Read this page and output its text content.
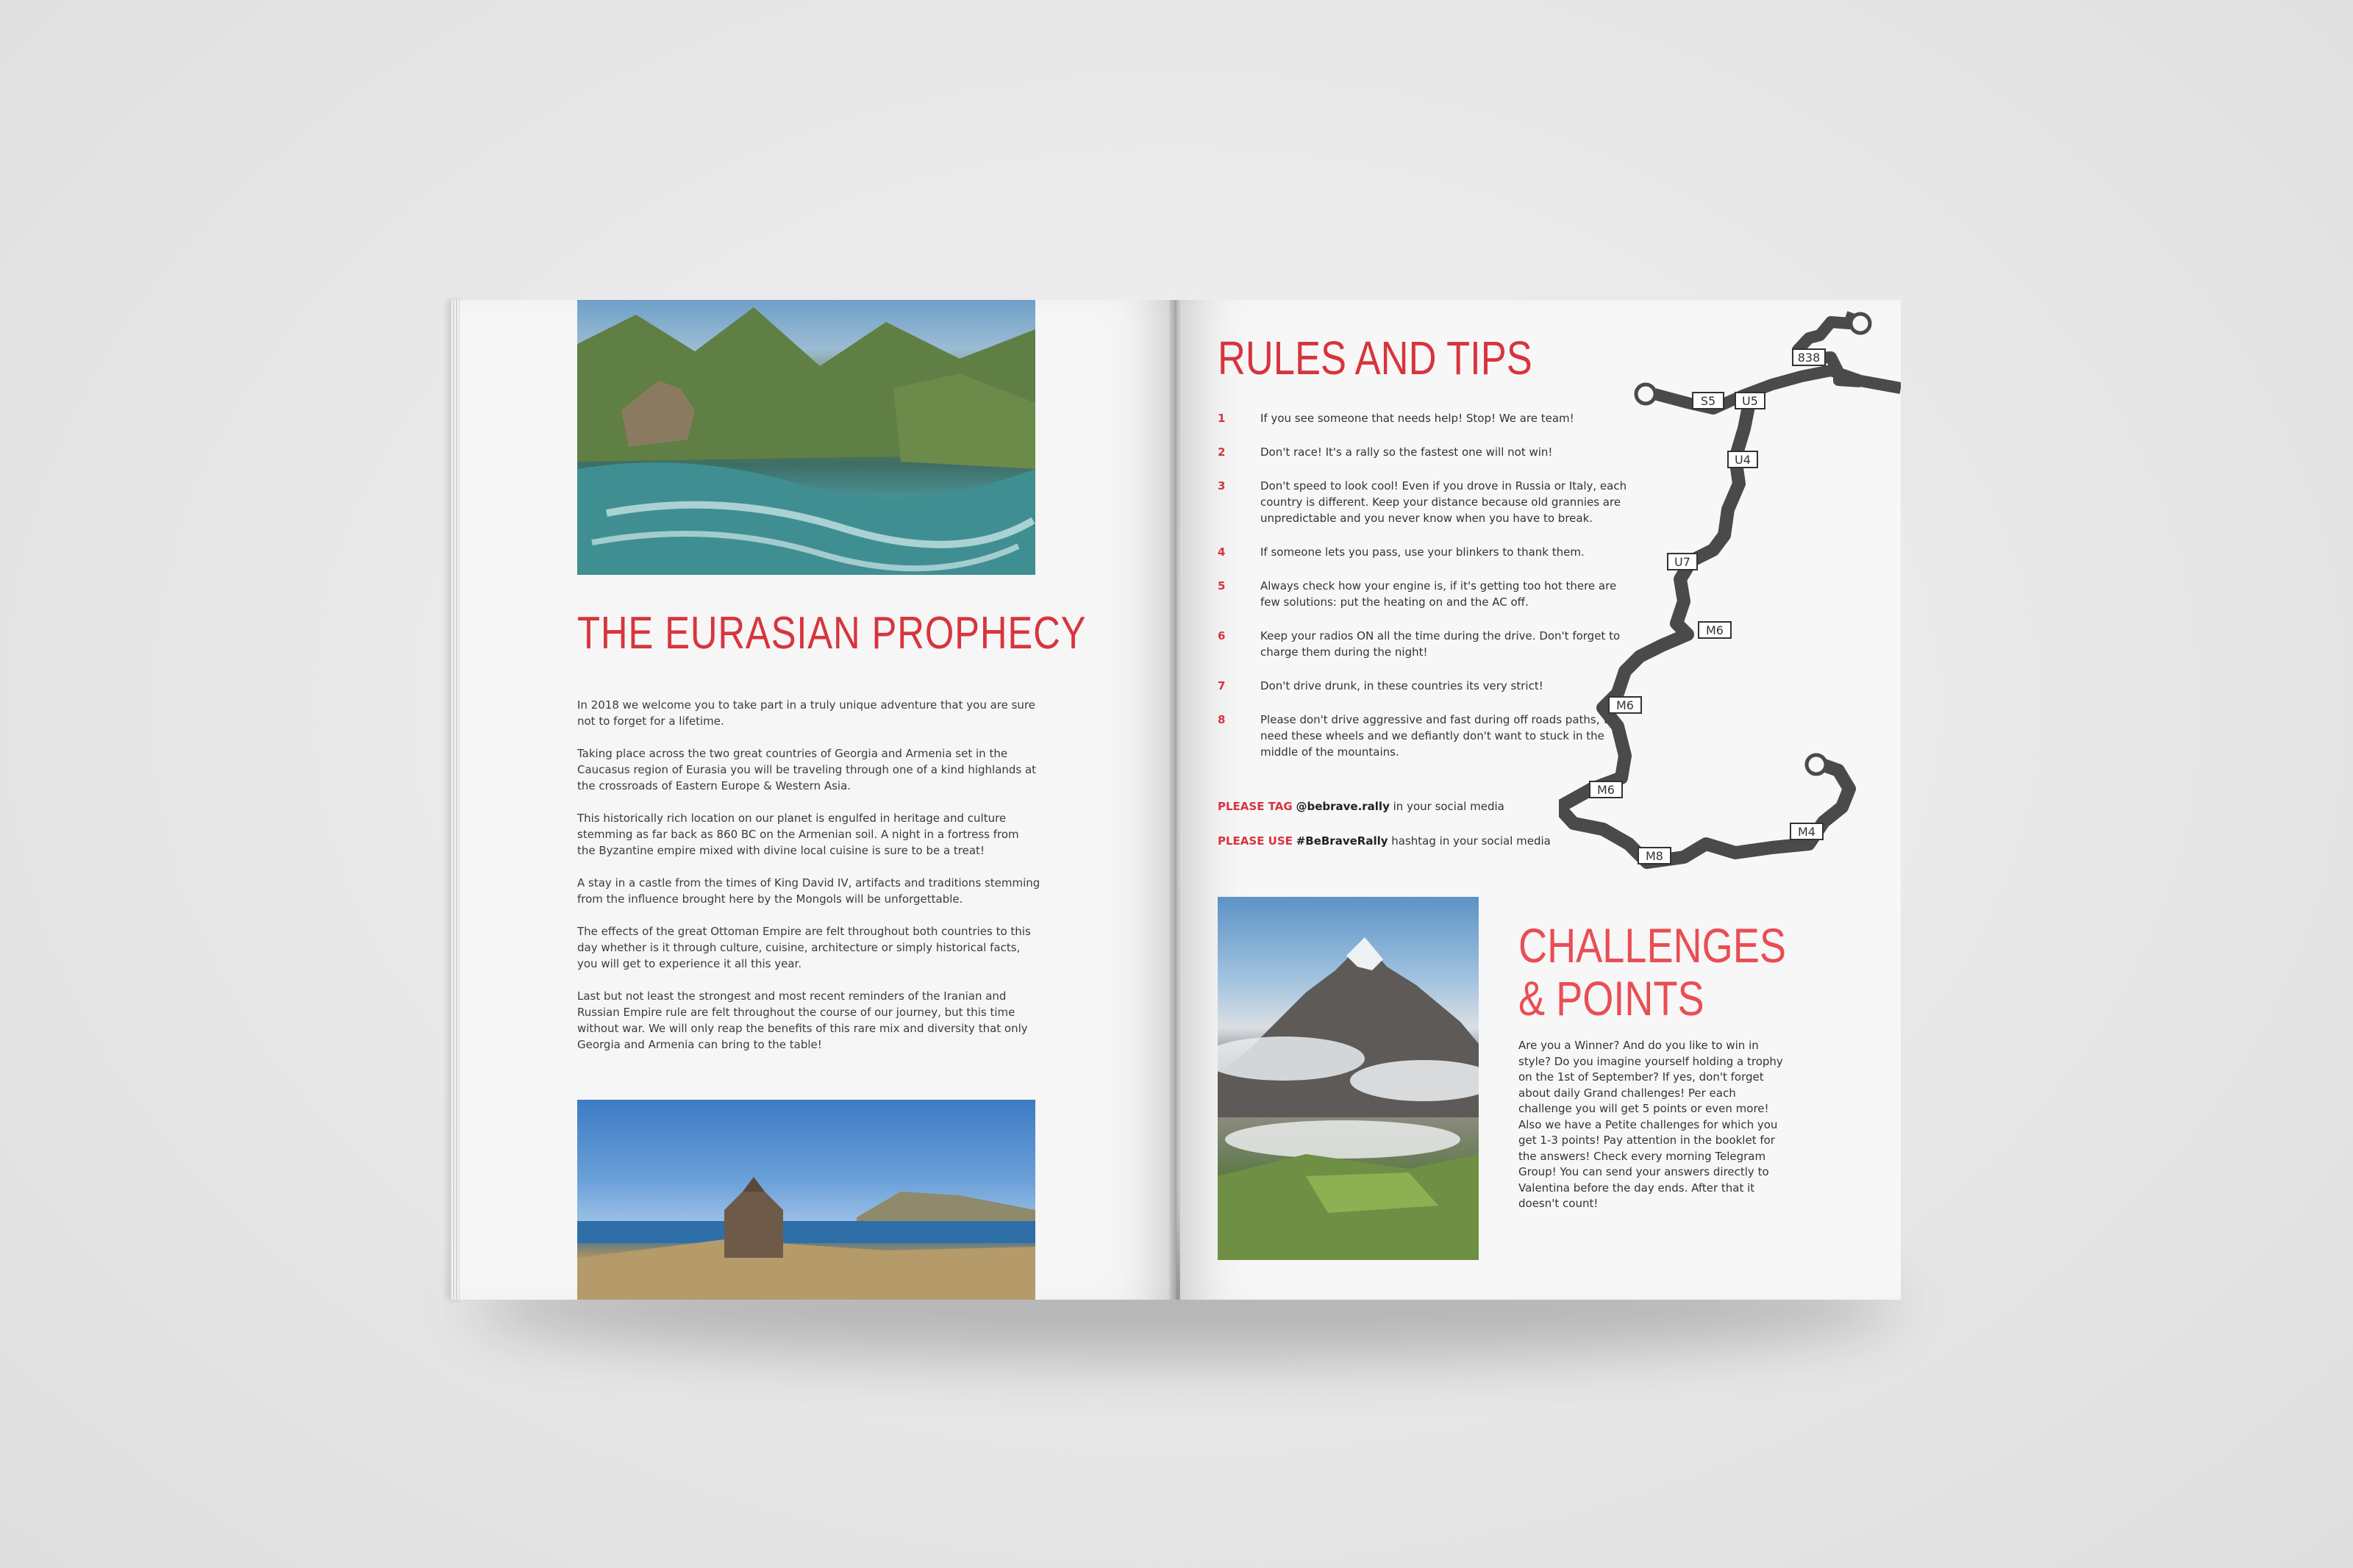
THE EURASIAN PROPHECY

In 2018 we welcome you to take part in a truly unique adventure that you are sure not to forget for a lifetime.

Taking place across the two great countries of Georgia and Armenia set in the Caucasus region of Eurasia you will be traveling through one of a kind highlands at the crossroads of Eastern Europe & Western Asia.

This historically rich location on our planet is engulfed in heritage and culture stemming as far back as 860 BC on the Armenian soil. A night in a fortress from the Byzantine empire mixed with divine local cuisine is sure to be a treat!

A stay in a castle from the times of King David IV, artifacts and traditions stemming from the influence brought here by the Mongols will be unforgettable.

The effects of the great Ottoman Empire are felt throughout both countries to this day whether is it through culture, cuisine, architecture or simply historical facts, you will get to experience it all this year.

Last but not least the strongest and most recent reminders of the Iranian and Russian Empire rule are felt throughout the course of our journey, but this time without war. We will only reap the benefits of this rare mix and diversity that only Georgia and Armenia can bring to the table!

RULES AND TIPS
1	If you see someone that needs help! Stop! We are team!
2	Don't race! It's a rally so the fastest one will not win!
3	Don't speed to look cool! Even if you drove in Russia or Italy, each country is different. Keep your distance because old grannies are unpredictable and you never know when you have to break.
4	If someone lets you pass, use your blinkers to thank them.
5	Always check how your engine is, if it's getting too hot there are few solutions: put the heating on and the AC off.
6	Keep your radios ON all the time during the drive. Don't forget to charge them during the night!
7	Don't drive drunk, in these countries its very strict!
8	Please don't drive aggressive and fast during off roads paths, we need these wheels and we defiantly don't want to stuck in the middle of the mountains.
PLEASE TAG @bebrave.rally in your social media
PLEASE USE #BeBraveRally hashtag in your social media
838
S5 Ս5
Ս4
Ս7
M6
M6
M6
M8
M4
CHALLENGES
& POINTS
Are you a Winner? And do you like to win in style? Do you imagine yourself holding a trophy on the 1st of September? If yes, don't forget about daily Grand challenges! Per each challenge you will get 5 points or even more! Also we have a Petite challenges for which you get 1-3 points! Pay attention in the booklet for the answers! Check every morning Telegram Group! You can send your answers directly to Valentina before the day ends. After that it doesn't count!
